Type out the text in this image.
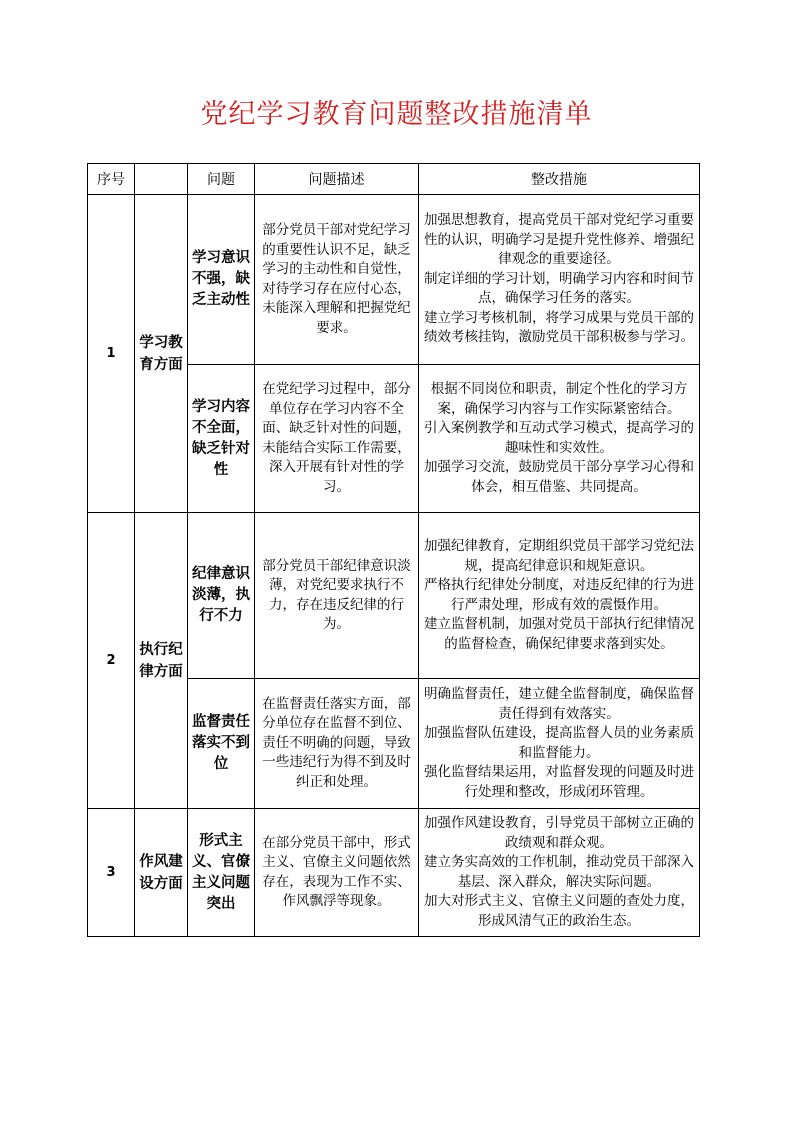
党纪学习教育问题整改措施清单
序号		问题	问题描述	整改措施
1	学习教育方面	学习意识不强，缺乏主动性	部分党员干部对党纪学习的重要性认识不足，缺乏学习的主动性和自觉性，对待学习存在应付心态，未能深入理解和把握党纪要求。	加强思想教育，提高党员干部对党纪学习重要性的认识，明确学习是提升党性修养、增强纪律观念的重要途径。

制定详细的学习计划，明确学习内容和时间节点，确保学习任务的落实。

建立学习考核机制，将学习成果与党员干部的绩效考核挂钩，激励党员干部积极参与学习。

		学习内容不全面，缺乏针对性	在党纪学习过程中，部分单位存在学习内容不全面、缺乏针对性的问题，未能结合实际工作需要，深入开展有针对性的学习。	根据不同岗位和职责，制定个性化的学习方案，确保学习内容与工作实际紧密结合。

引入案例教学和互动式学习模式，提高学习的趣味性和实效性。

加强学习交流，鼓励党员干部分享学习心得和体会，相互借鉴、共同提高。

2	执行纪律方面	纪律意识淡薄，执行不力	部分党员干部纪律意识淡薄，对党纪要求执行不力，存在违反纪律的行为。	加强纪律教育，定期组织党员干部学习党纪法规，提高纪律意识和规矩意识。

严格执行纪律处分制度，对违反纪律的行为进行严肃处理，形成有效的震慑作用。

建立监督机制，加强对党员干部执行纪律情况的监督检查，确保纪律要求落到实处。

		监督责任落实不到位	在监督责任落实方面，部分单位存在监督不到位、责任不明确的问题，导致一些违纪行为得不到及时纠正和处理。	明确监督责任，建立健全监督制度，确保监督责任得到有效落实。

加强监督队伍建设，提高监督人员的业务素质和监督能力。

强化监督结果运用，对监督发现的问题及时进行处理和整改，形成闭环管理。

3	作风建设方面	形式主义、官僚主义问题突出	在部分党员干部中，形式主义、官僚主义问题依然存在，表现为工作不实、作风飘浮等现象。	加强作风建设教育，引导党员干部树立正确的政绩观和群众观。

建立务实高效的工作机制，推动党员干部深入基层、深入群众，解决实际问题。

加大对形式主义、官僚主义问题的查处力度，形成风清气正的政治生态。
